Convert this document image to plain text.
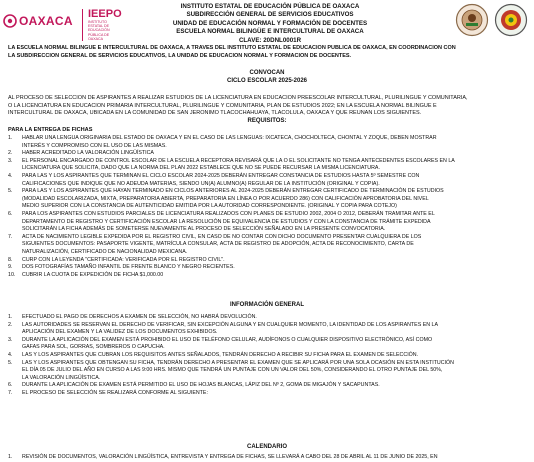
OAXACA IEEPO
INSTITUTO ESTATAL DE EDUCACIÓN PÚBLICA DE OAXACA
INSTITUTO ESTATAL DE EDUCACIÓN PÚBLICA DE OAXACA
SUBDIRECCIÓN GENERAL DE SERVICIOS EDUCATIVOS
UNIDAD DE EDUCACIÓN NORMAL Y FORMACIÓN DE DOCENTES
ESCUELA NORMAL BILINGÜE E INTERCULTURAL DE OAXACA
CLAVE: 20DNL0001R
LA ESCUELA NORMAL BILINGÜE E INTERCULTURAL DE OAXACA, A TRAVÉS DEL INSTITUTO ESTATAL DE EDUCACIÓN PÚBLICA DE OAXACA, EN COORDINACIÓN CON
LA SUBDIRECCIÓN GENERAL DE SERVICIOS EDUCATIVOS, LA UNIDAD DE EDUCACIÓN NORMAL Y FORMACIÓN DE DOCENTES.
CONVOCAN
CICLO ESCOLAR 2025-2026
AL PROCESO DE SELECCIÓN DE ASPIRANTES A REALIZAR ESTUDIOS DE LA LICENCIATURA EN EDUCACIÓN PREESCOLAR INTERCULTURAL, PLURILINGÜE Y COMUNITARIA,
O LA LICENCIATURA EN EDUCACIÓN PRIMARIA INTERCULTURAL, PLURILINGÜE Y COMUNITARIA, PLAN DE ESTUDIOS 2022; EN LA ESCUELA NORMAL BILINGÜE E
INTERCULTURAL DE OAXACA, UBICADA EN LA COMUNIDAD DE SAN JERÓNIMO TLACOCHAHUAYA, TLACOLULA, OAXACA Y QUE REÚNAN LOS SIGUIENTES.
REQUISITOS:
PARA LA ENTREGA DE FICHAS
1. HABLAR UNA LENGUA ORIGINARIA DEL ESTADO DE OAXACA Y EN EL CASO DE LAS LENGUAS: IXCATECA, CHOCHOLTECA, CHONTAL Y ZOQUE, DEBEN MOSTRAR
INTERÉS Y COMPROMISO CON EL USO DE LAS MISMAS.
2. HABER ACREDITADO LA VALORACIÓN LINGÜÍSTICA
3. EL PERSONAL ENCARGADO DE CONTROL ESCOLAR DE LA ESCUELA RECEPTORA REVISARÁ QUE LA O EL SOLICITANTE NO TENGA ANTECEDENTES ESCOLARES EN LA
LICENCIATURA QUE SOLICITA, DADO QUE LA NORMA DEL PLAN 2022 ESTABLECE QUE NO SE PUEDE RECURSAR LA MISMA LICENCIATURA.
4. PARA LAS Y LOS ASPIRANTES QUE TERMINAN EL CICLO ESCOLAR 2024-2025 DEBERÁN ENTREGAR CONSTANCIA DE ESTUDIOS HASTA 5º SEMESTRE CON
CALIFICACIONES QUE INDIQUE QUE NO ADEUDA MATERIAS, SIENDO UN(A) ALUMNO(A) REGULAR DE LA INSTITUCIÓN (ORIGINAL Y COPIA).
5. PARA LAS Y LOS ASPIRANTES QUE HAYAN TERMINADO EN CICLOS ANTERIORES AL 2024-2025 DEBERÁN ENTREGAR CERTIFICADO DE TERMINACIÓN DE ESTUDIOS
(MODALIDAD ESCOLARIZADA, MIXTA, PREPARATORIA ABIERTA, PREPARATORIA EN LÍNEA O POR ACUERDO 286) CON CALIFICACIÓN APROBATORIA DEL NIVEL
MEDIO SUPERIOR CON LA CONSTANCIA DE AUTENTICIDAD EMITIDA POR LA AUTORIDAD CORRESPONDIENTE. (ORIGINAL Y COPIA PARA COTEJO)
6. PARA LOS ASPIRANTES CON ESTUDIOS PARCIALES DE LICENCIATURA REALIZADOS CON PLANES DE ESTUDIO 2002, 2004 O 2012, DEBERÁN TRAMITAR ANTE EL
DEPARTAMENTO DE REGISTRO Y CERTIFICACIÓN ESCOLAR LA RESOLUCIÓN DE EQUIVALENCIA DE ESTUDIOS Y CON LA CONSTANCIA DE TRÁMITE EXPEDIDA
SOLICITARÁN LA FICHA ADEMÁS DE SOMETERSE NUEVAMENTE AL PROCESO DE SELECCIÓN SEÑALADO EN LA PRESENTE CONVOCATORIA.
7. ACTA DE NACIMIENTO LEGIBLE EXPEDIDA POR EL REGISTRO CIVIL, EN CASO DE NO CONTAR CON DICHO DOCUMENTO PRESENTAR CUALQUIERA DE LOS
SIGUIENTES DOCUMENTOS: PASAPORTE VIGENTE, MATRÍCULA CONSULAR, ACTA DE REGISTRO DE ADOPCIÓN, ACTA DE RECONOCIMIENTO, CARTA DE
NATURALIZACIÓN, CERTIFICADO DE NACIONALIDAD MEXICANA.
8. CURP CON LA LEYENDA "CERTIFICADA: VERIFICADA POR EL REGISTRO CIVIL".
9. DOS FOTOGRAFÍAS TAMAÑO INFANTIL DE FRENTE BLANCO Y NEGRO RECIENTES.
10. CUBRIR LA CUOTA DE EXPEDICIÓN DE FICHA $1,000.00
INFORMACIÓN GENERAL
1. EFECTUADO EL PAGO DE DERECHOS A EXAMEN DE SELECCIÓN, NO HABRÁ DEVOLUCIÓN.
2. LAS AUTORIDADES SE RESERVAN EL DERECHO DE VERIFICAR, SIN EXCEPCIÓN ALGUNA Y EN CUALQUIER MOMENTO, LA IDENTIDAD DE LOS ASPIRANTES EN LA
APLICACIÓN DEL EXAMEN Y LA VALIDEZ DE LOS DOCUMENTOS EXHIBIDOS.
3. DURANTE LA APLICACIÓN DEL EXAMEN ESTÁ PROHIBIDO EL USO DE TELÉFONO CELULAR, AUDÍFONOS O CUALQUIER DISPOSITIVO ELECTRÓNICO, ASÍ COMO
GAFAS PARA SOL, GORRAS, SOMBREROS O CAPUCHA.
4. LAS Y LOS ASPIRANTES QUE CUBRAN LOS REQUISITOS ANTES SEÑALADOS, TENDRÁN DERECHO A RECIBIR SU FICHA PARA EL EXAMEN DE SELECCIÓN.
5. LAS Y LOS ASPIRANTES QUE OBTENGAN SU FICHA, TENDRÁN DERECHO A PRESENTAR EL EXAMEN QUE SE APLICARÁ POR UNA SOLA OCASIÓN EN ESTA INSTITUCIÓN
EL DÍA 05 DE JULIO DEL AÑO EN CURSO A LAS 9:00 HRS. MISMO QUE TENDRÁ UN PUNTAJE CON UN VALOR DEL 50%, CONSIDERANDO EL OTRO PUNTAJE DEL 50%,
LA VALORACIÓN LINGÜÍSTICA.
6. DURANTE LA APLICACIÓN DE EXAMEN ESTÁ PERMITIDO EL USO DE HOJAS BLANCAS, LÁPIZ DEL Nº 2, GOMA DE MIGAJÓN Y SACAPUNTAS.
7. EL PROCESO DE SELECCIÓN SE REALIZARÁ CONFORME AL SIGUIENTE:
CALENDARIO
1. REVISIÓN DE DOCUMENTOS, VALORACIÓN LINGÜÍSTICA, ENTREVISTA Y ENTREGA DE FICHAS, SE LLEVARÁ A CABO DEL 28 DE ABRIL AL 11 DE JUNIO DE 2025, EN
